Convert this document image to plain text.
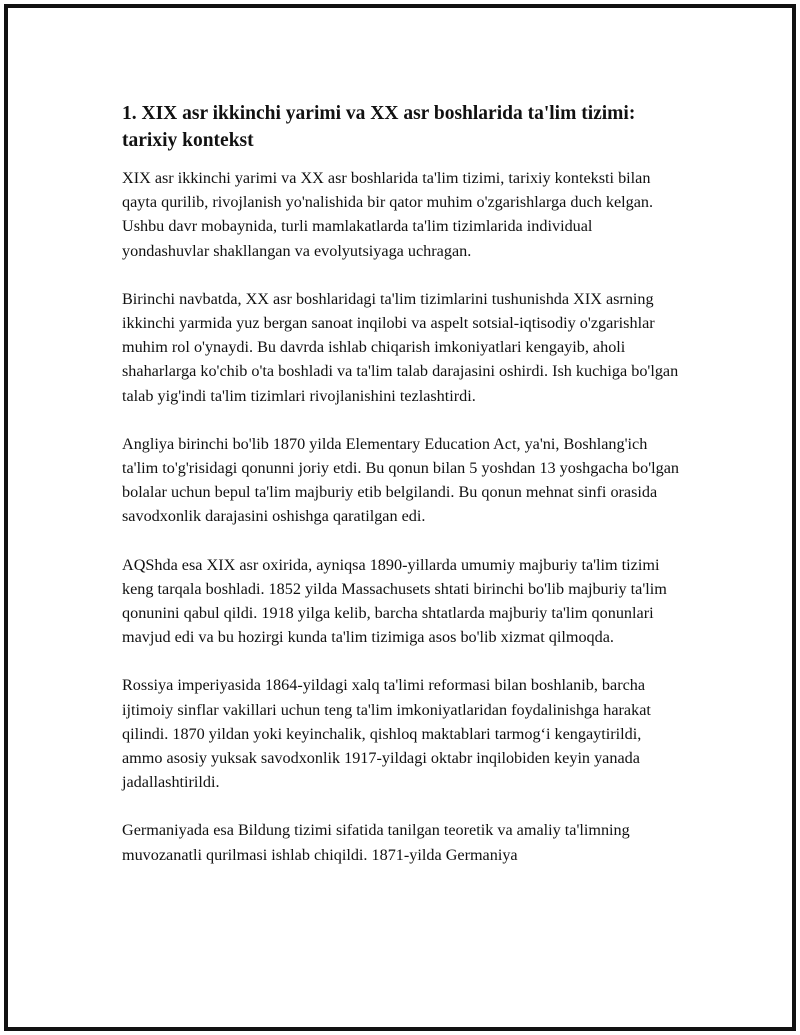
1. XIX asr ikkinchi yarimi va XX asr boshlarida ta'lim tizimi: tarixiy kontekst

XIX asr ikkinchi yarimi va XX asr boshlarida ta'lim tizimi, tarixiy konteksti bilan qayta qurilib, rivojlanish yo'nalishida bir qator muhim o'zgarishlarga duch kelgan. Ushbu davr mobaynida, turli mamlakatlarda ta'lim tizimlarida individual yondashuvlar shakllangan va evolyutsiyaga uchragan.

Birinchi navbatda, XX asr boshlaridagi ta'lim tizimlarini tushunishda XIX asrning ikkinchi yarmida yuz bergan sanoat inqilobi va aspelt sotsial-iqtisodiy o'zgarishlar muhim rol o'ynaydi. Bu davrda ishlab chiqarish imkoniyatlari kengayib, aholi shaharlarga ko'chib o'ta boshladi va ta'lim talab darajasini oshirdi. Ish kuchiga bo'lgan talab yig'indi ta'lim tizimlari rivojlanishini tezlashtirdi.

Angliya birinchi bo'lib 1870 yilda Elementary Education Act, ya'ni, Boshlang'ich ta'lim to'g'risidagi qonunni joriy etdi. Bu qonun bilan 5 yoshdan 13 yoshgacha bo'lgan bolalar uchun bepul ta'lim majburiy etib belgilandi. Bu qonun mehnat sinfi orasida savodxonlik darajasini oshishga qaratilgan edi.

AQShda esa XIX asr oxirida, ayniqsa 1890-yillarda umumiy majburiy ta'lim tizimi keng tarqala boshladi. 1852 yilda Massachusets shtati birinchi bo'lib majburiy ta'lim qonunini qabul qildi. 1918 yilga kelib, barcha shtatlarda majburiy ta'lim qonunlari mavjud edi va bu hozirgi kunda ta'lim tizimiga asos bo'lib xizmat qilmoqda.

Rossiya imperiyasida 1864-yildagi xalq ta'limi reformasi bilan boshlanib, barcha ijtimoiy sinflar vakillari uchun teng ta'lim imkoniyatlaridan foydalinishga harakat qilindi. 1870 yildan yoki keyinchalik, qishloq maktablari tarmog‘i kengaytirildi, ammo asosiy yuksak savodxonlik 1917-yildagi oktabr inqilobiden keyin yanada jadallashtirildi.

Germaniyada esa Bildung tizimi sifatida tanilgan teoretik va amaliy ta'limning muvozanatli qurilmasi ishlab chiqildi. 1871-yilda Germaniya
